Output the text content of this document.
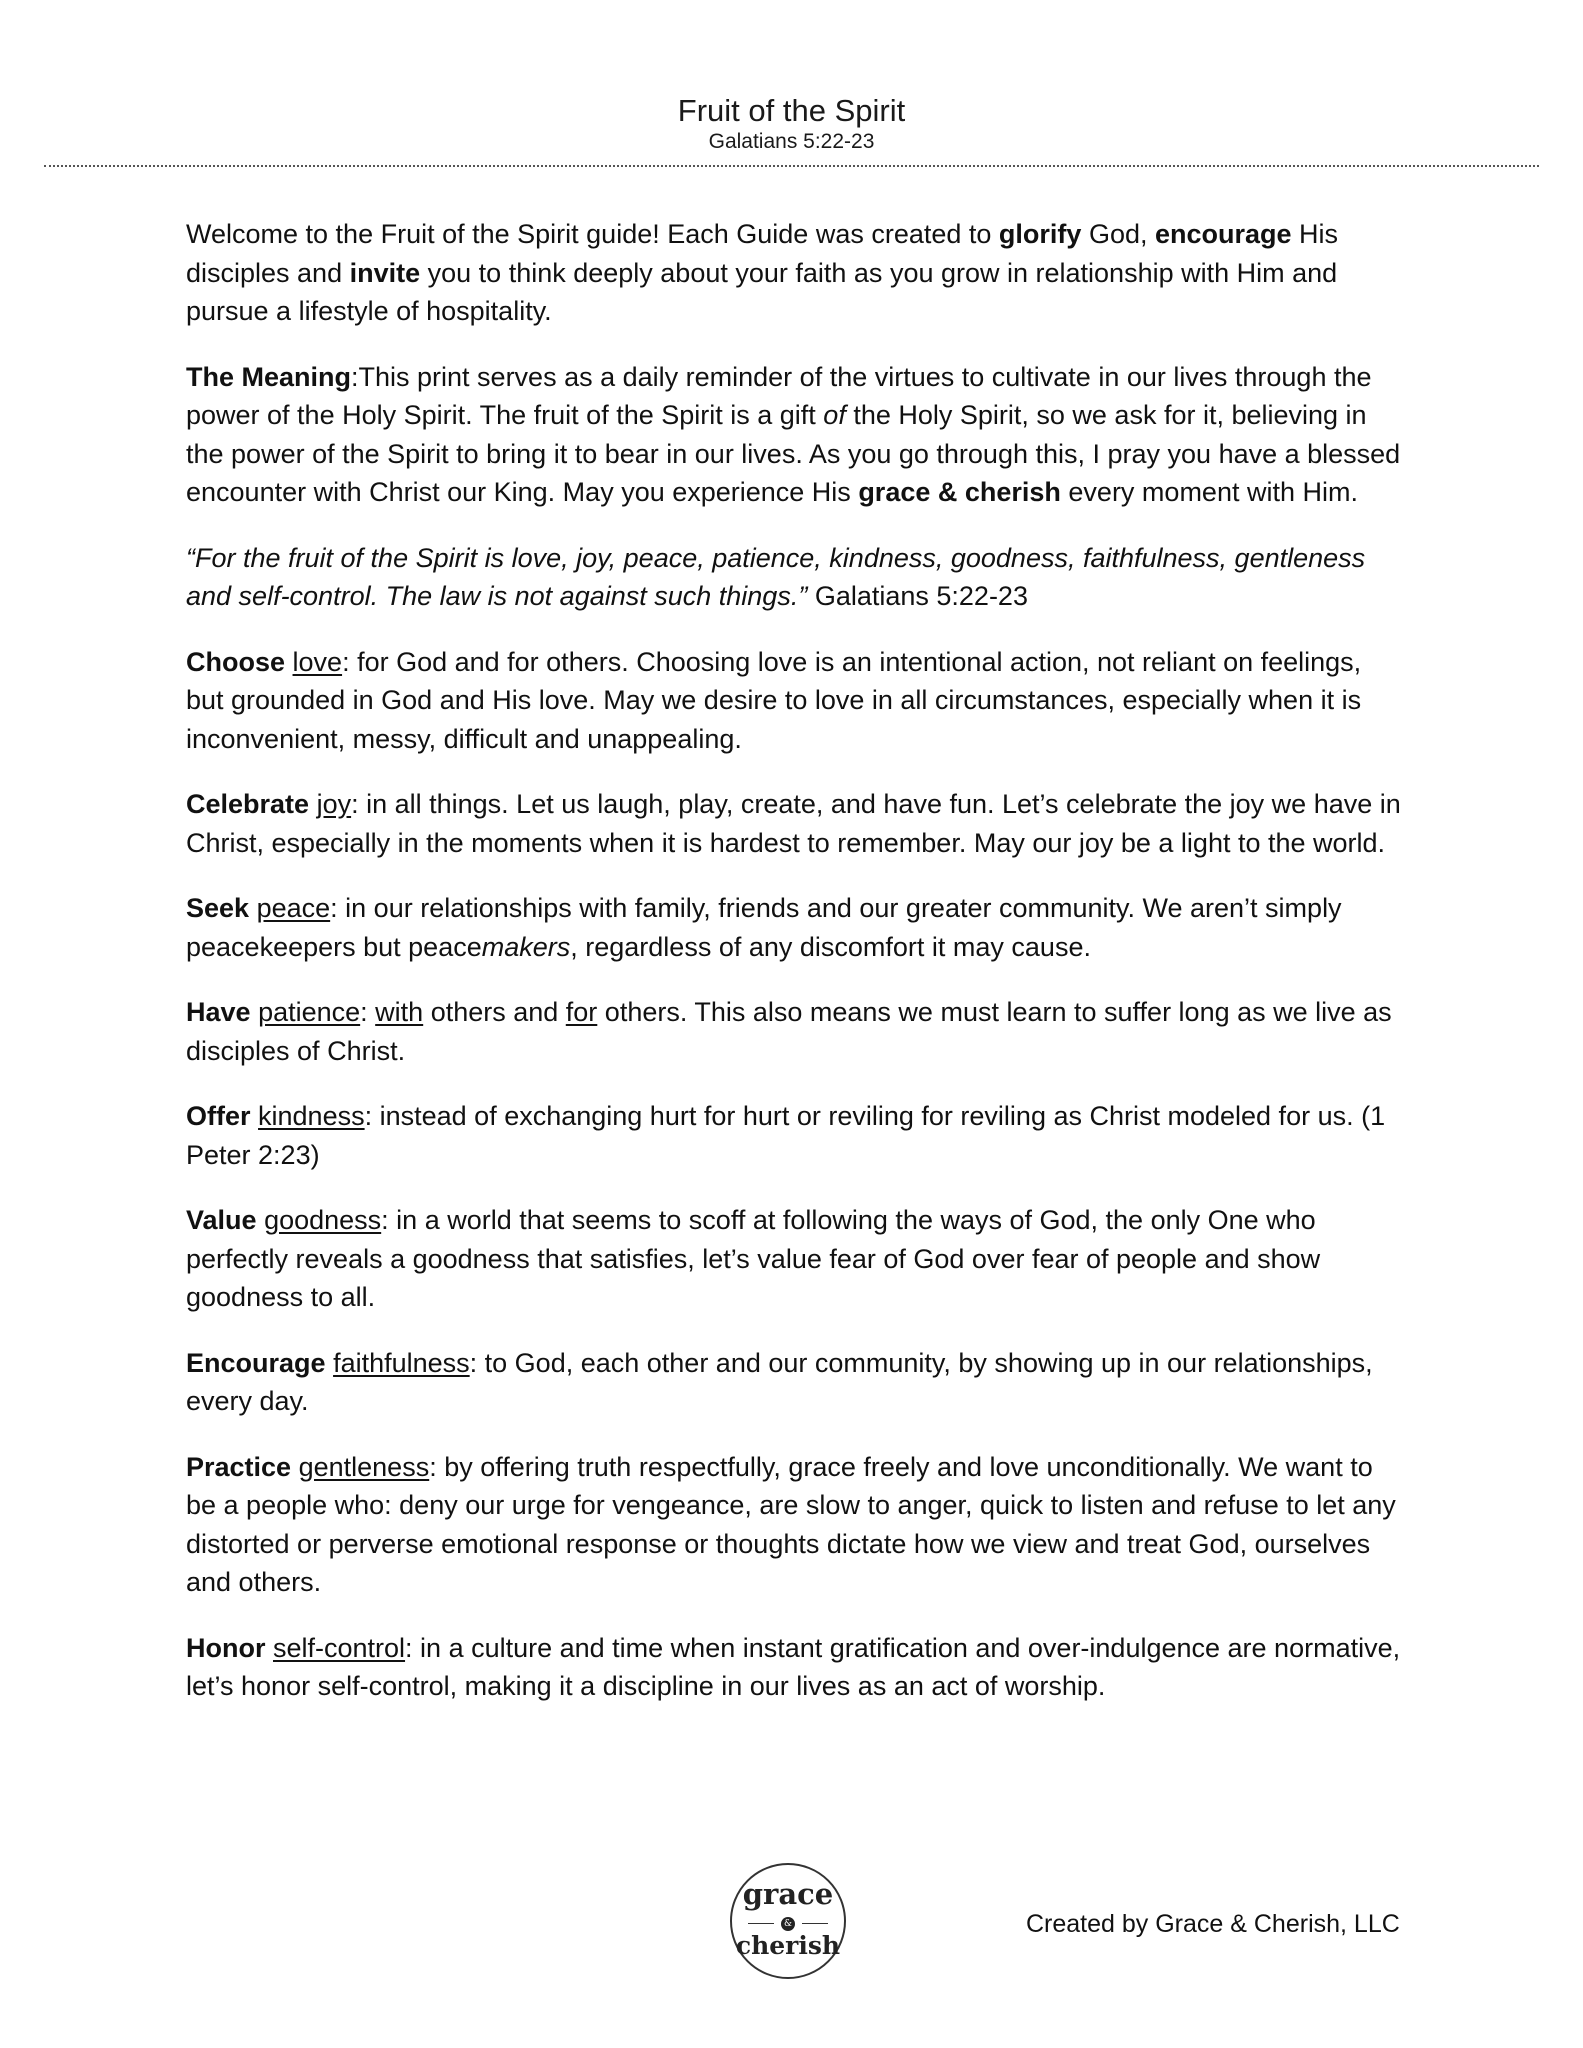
Fruit of the Spirit
Galatians 5:22-23

Welcome to the Fruit of the Spirit guide! Each Guide was created to glorify God, encourage His disciples and invite you to think deeply about your faith as you grow in relationship with Him and pursue a lifestyle of hospitality.

The Meaning:This print serves as a daily reminder of the virtues to cultivate in our lives through the power of the Holy Spirit. The fruit of the Spirit is a gift of the Holy Spirit, so we ask for it, believing in the power of the Spirit to bring it to bear in our lives. As you go through this, I pray you have a blessed encounter with Christ our King. May you experience His grace & cherish every moment with Him.

“For the fruit of the Spirit is love, joy, peace, patience, kindness, goodness, faithfulness, gentleness and self-control. The law is not against such things.” Galatians 5:22-23

Choose love: for God and for others. Choosing love is an intentional action, not reliant on feelings, but grounded in God and His love. May we desire to love in all circumstances, especially when it is inconvenient, messy, difficult and unappealing.

Celebrate joy: in all things. Let us laugh, play, create, and have fun. Let’s celebrate the joy we have in Christ, especially in the moments when it is hardest to remember. May our joy be a light to the world.

Seek peace: in our relationships with family, friends and our greater community. We aren’t simply peacekeepers but peacemakers, regardless of any discomfort it may cause.

Have patience: with others and for others. This also means we must learn to suffer long as we live as disciples of Christ.

Offer kindness: instead of exchanging hurt for hurt or reviling for reviling as Christ modeled for us. (1 Peter 2:23)

Value goodness: in a world that seems to scoff at following the ways of God, the only One who perfectly reveals a goodness that satisfies, let’s value fear of God over fear of people and show goodness to all.

Encourage faithfulness: to God, each other and our community, by showing up in our relationships, every day.

Practice gentleness: by offering truth respectfully, grace freely and love unconditionally. We want to be a people who: deny our urge for vengeance, are slow to anger, quick to listen and refuse to let any distorted or perverse emotional response or thoughts dictate how we view and treat God, ourselves and others.

Honor self-control: in a culture and time when instant gratification and over-indulgence are normative, let’s honor self-control, making it a discipline in our lives as an act of worship.

grace
&
cherish
Created by Grace & Cherish, LLC
